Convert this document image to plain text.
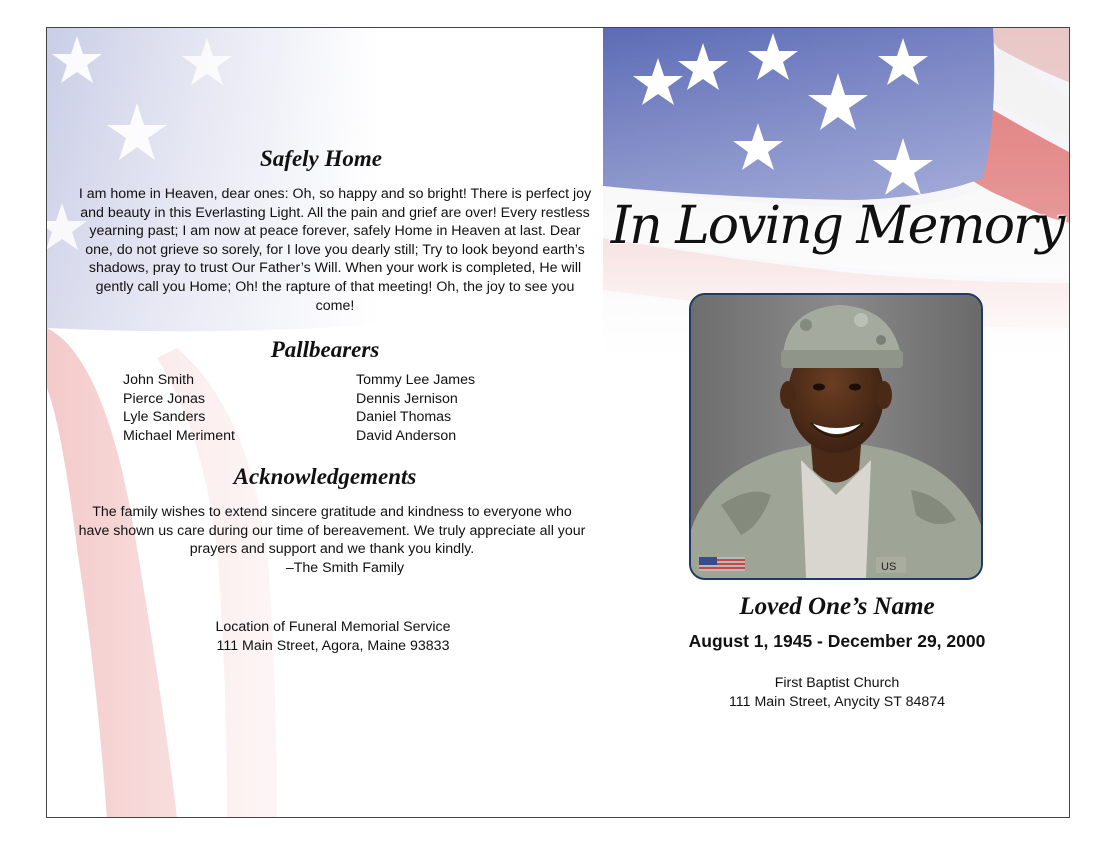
Safely Home
I am home in Heaven, dear ones: Oh, so happy and so bright! There is perfect joy and beauty in this Everlasting Light. All the pain and grief are over! Every restless yearning past; I am now at peace forever, safely Home in Heaven at last. Dear one, do not grieve so sorely, for I love you dearly still; Try to look beyond earth’s shadows, pray to trust Our Father’s Will. When your work is completed, He will gently call you Home; Oh! the rapture of that meeting! Oh, the joy to see you come!
Pallbearers
John Smith
Pierce Jonas
Lyle Sanders
Michael Meriment
Tommy Lee James
Dennis Jernison
Daniel Thomas
David Anderson
Acknowledgements
The family wishes to extend sincere gratitude and kindness to everyone who have shown us care during our time of bereavement. We truly appreciate all your prayers and support and we thank you kindly.
–The Smith Family
Location of Funeral Memorial Service
111 Main Street, Agora, Maine 93833
In Loving Memory
US
Loved One’s Name
August 1, 1945 - December 29, 2000
First Baptist Church
111 Main Street, Anycity ST 84874
